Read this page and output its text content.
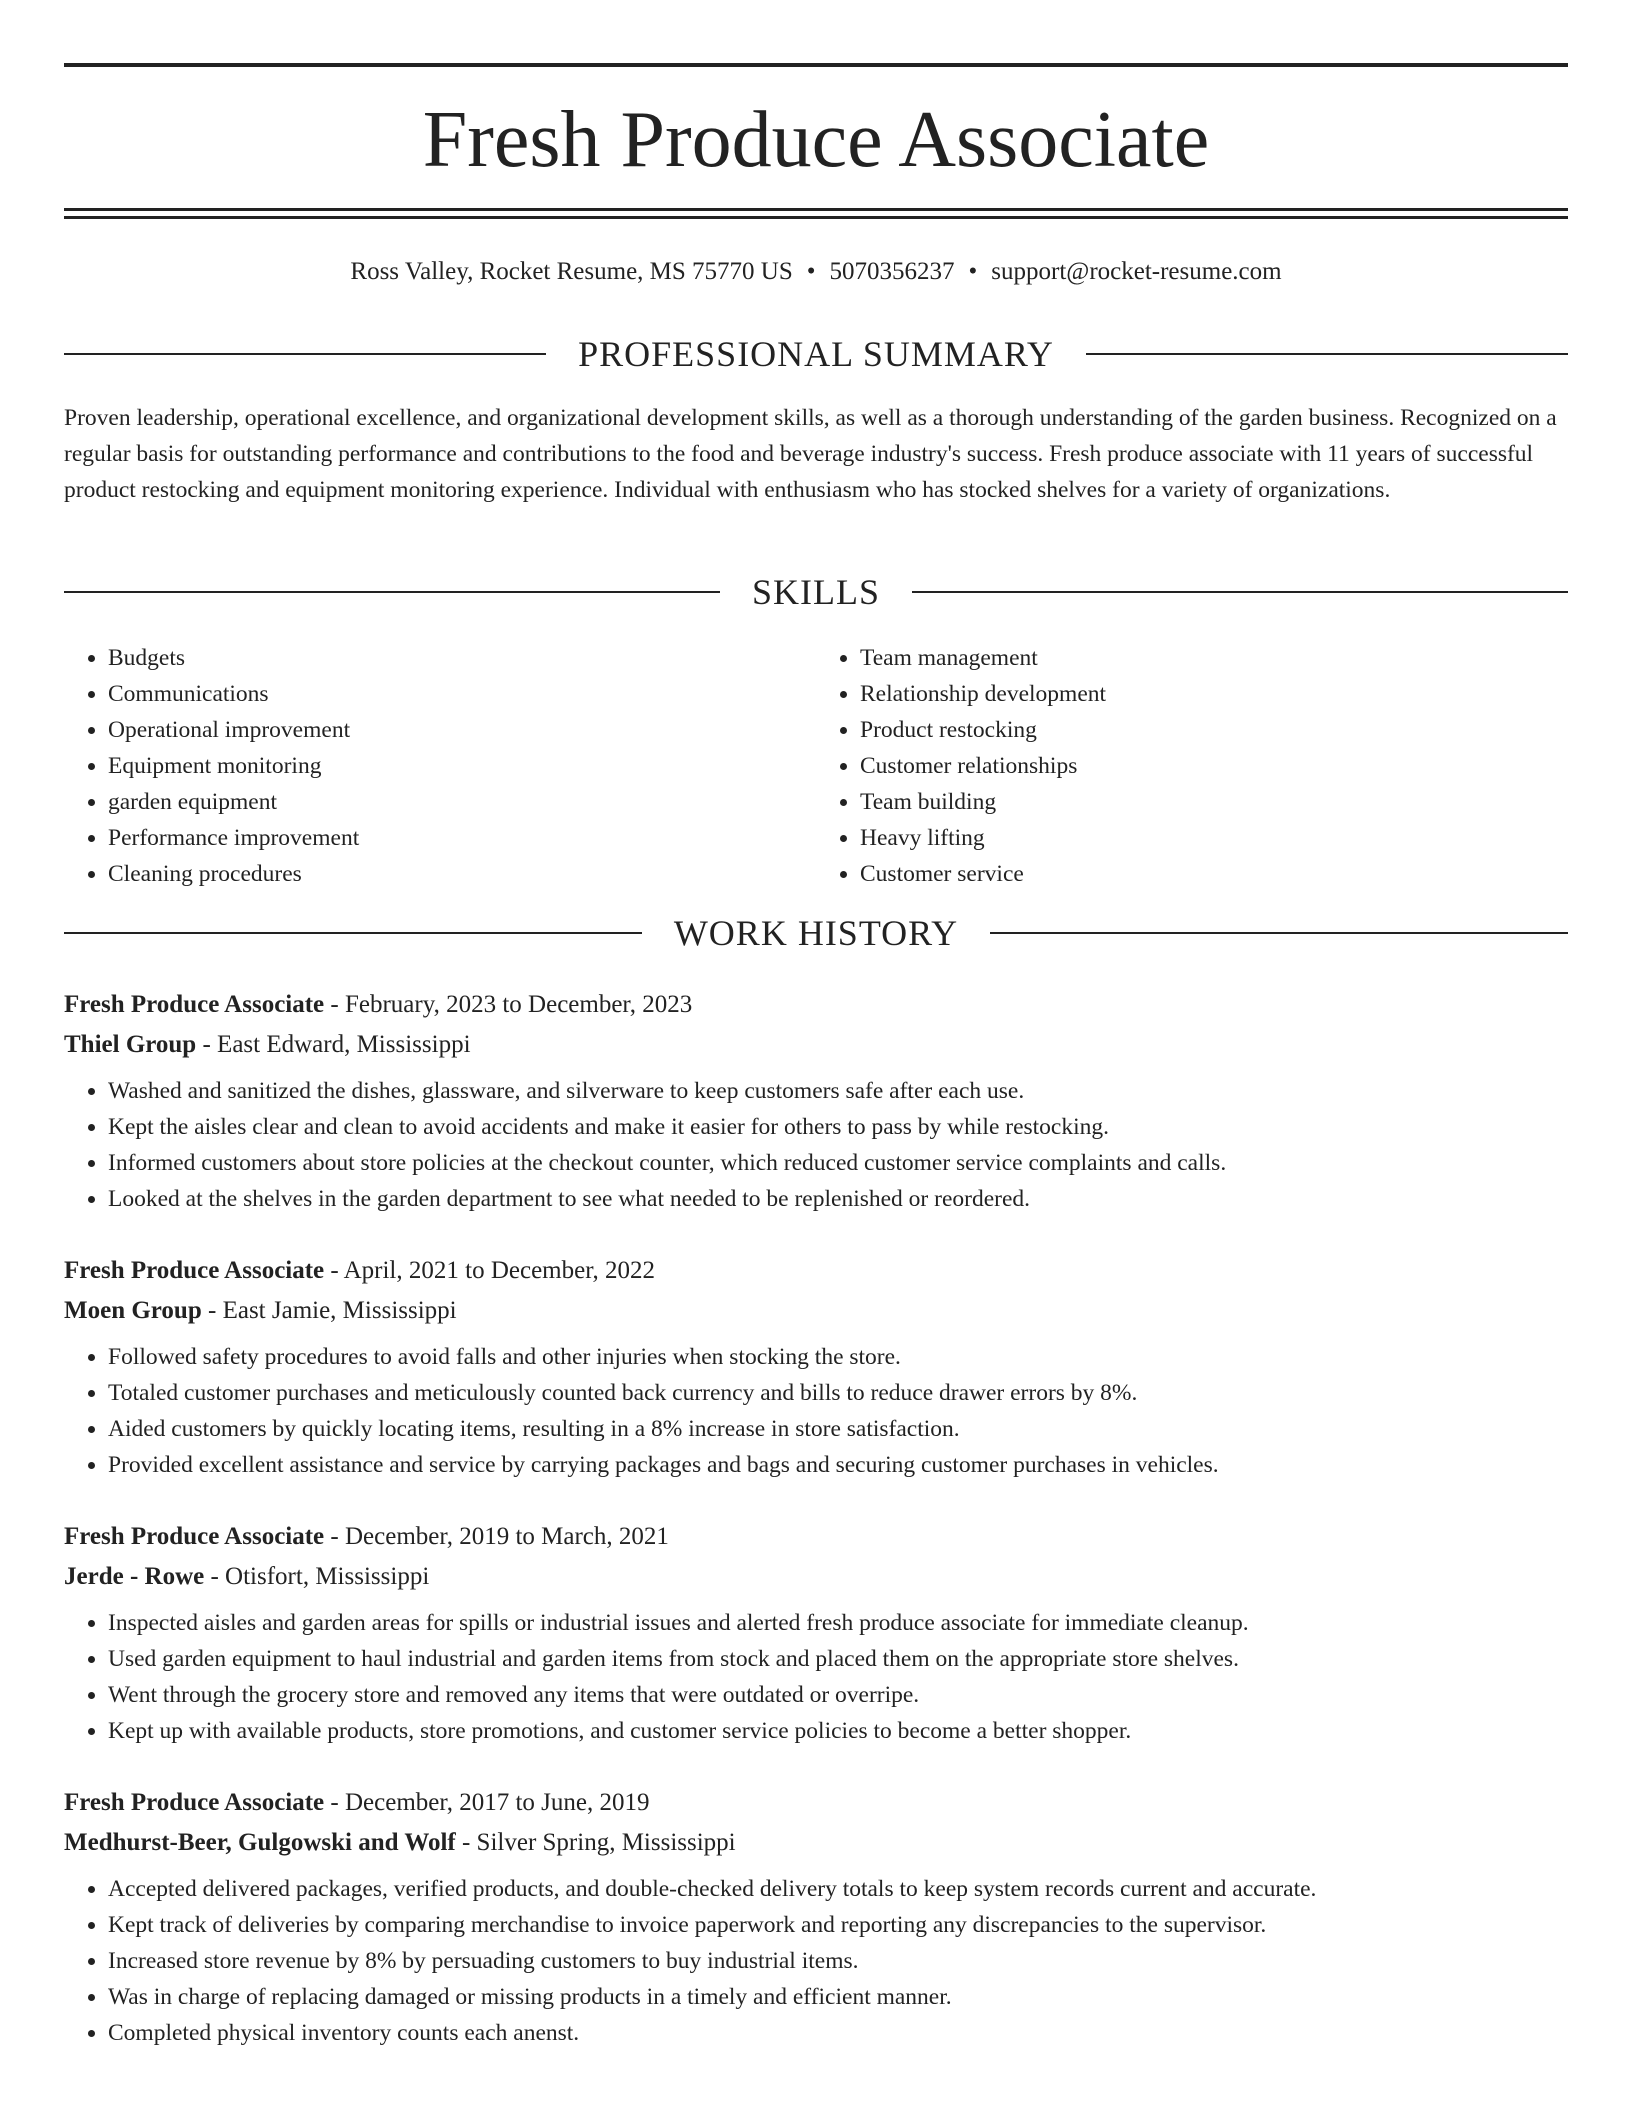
Fresh Produce Associate
Ross Valley, Rocket Resume, MS 75770 US • 5070356237 • support@rocket-resume.com
PROFESSIONAL SUMMARY

Proven leadership, operational excellence, and organizational development skills, as well as a thorough understanding of the garden business. Recognized on a regular basis for outstanding performance and contributions to the food and beverage industry's success. Fresh produce associate with 11 years of successful product restocking and equipment monitoring experience. Individual with enthusiasm who has stocked shelves for a variety of organizations.

SKILLS
• Budgets
• Communications
• Operational improvement
• Equipment monitoring
• garden equipment
• Performance improvement
• Cleaning procedures
• Team management
• Relationship development
• Product restocking
• Customer relationships
• Team building
• Heavy lifting
• Customer service
WORK HISTORY
Fresh Produce Associate - February, 2023 to December, 2023
Thiel Group - East Edward, Mississippi
• Washed and sanitized the dishes, glassware, and silverware to keep customers safe after each use.
• Kept the aisles clear and clean to avoid accidents and make it easier for others to pass by while restocking.
• Informed customers about store policies at the checkout counter, which reduced customer service complaints and calls.
• Looked at the shelves in the garden department to see what needed to be replenished or reordered.
Fresh Produce Associate - April, 2021 to December, 2022
Moen Group - East Jamie, Mississippi
• Followed safety procedures to avoid falls and other injuries when stocking the store.
• Totaled customer purchases and meticulously counted back currency and bills to reduce drawer errors by 8%.
• Aided customers by quickly locating items, resulting in a 8% increase in store satisfaction.
• Provided excellent assistance and service by carrying packages and bags and securing customer purchases in vehicles.
Fresh Produce Associate - December, 2019 to March, 2021
Jerde - Rowe - Otisfort, Mississippi
• Inspected aisles and garden areas for spills or industrial issues and alerted fresh produce associate for immediate cleanup.
• Used garden equipment to haul industrial and garden items from stock and placed them on the appropriate store shelves.
• Went through the grocery store and removed any items that were outdated or overripe.
• Kept up with available products, store promotions, and customer service policies to become a better shopper.
Fresh Produce Associate - December, 2017 to June, 2019
Medhurst-Beer, Gulgowski and Wolf - Silver Spring, Mississippi
• Accepted delivered packages, verified products, and double-checked delivery totals to keep system records current and accurate.
• Kept track of deliveries by comparing merchandise to invoice paperwork and reporting any discrepancies to the supervisor.
• Increased store revenue by 8% by persuading customers to buy industrial items.
• Was in charge of replacing damaged or missing products in a timely and efficient manner.
• Completed physical inventory counts each anenst.
